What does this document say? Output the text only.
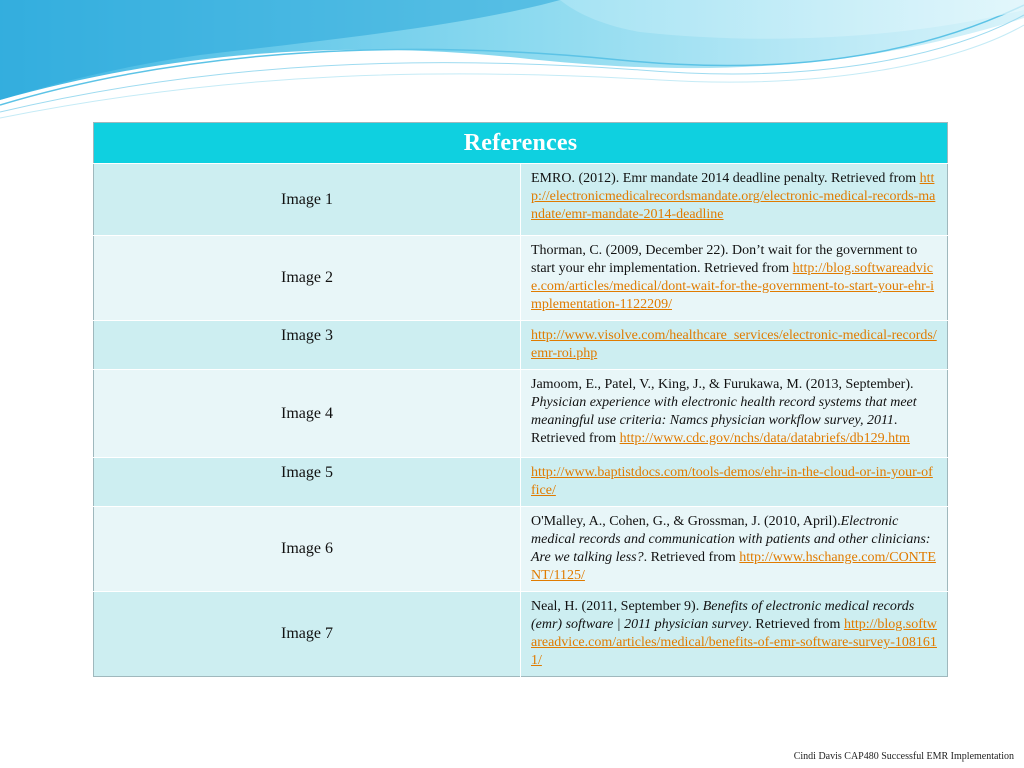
References	
Image 1	EMRO. (2012). Emr mandate 2014 deadline penalty. Retrieved from http://electronicmedicalrecordsmandate.org/electronic-medical-records-mandate/emr-mandate-2014-deadline
Image 2	Thorman, C. (2009, December 22). Don’t wait for the government to start your ehr implementation. Retrieved from http://blog.softwareadvice.com/articles/medical/dont-wait-for-the-government-to-start-your-ehr-implementation-1122209/
Image 3	http://www.visolve.com/healthcare_services/electronic-medical-records/emr-roi.php
Image 4	Jamoom, E., Patel, V., King, J., & Furukawa, M. (2013, September). Physician experience with electronic health record systems that meet meaningful use criteria: Namcs physician workflow survey, 2011. Retrieved from http://www.cdc.gov/nchs/data/databriefs/db129.htm
Image 5	http://www.baptistdocs.com/tools-demos/ehr-in-the-cloud-or-in-your-office/
Image 6	O'Malley, A., Cohen, G., & Grossman, J. (2010, April).Electronic medical records and communication with patients and other clinicians: Are we talking less?. Retrieved from http://www.hschange.com/CONTENT/1125/
Image 7	Neal, H. (2011, September 9). Benefits of electronic medical records (emr) software | 2011 physician survey. Retrieved from http://blog.softwareadvice.com/articles/medical/benefits-of-emr-software-survey-1081611/
Cindi Davis CAP480 Successful EMR Implementation
